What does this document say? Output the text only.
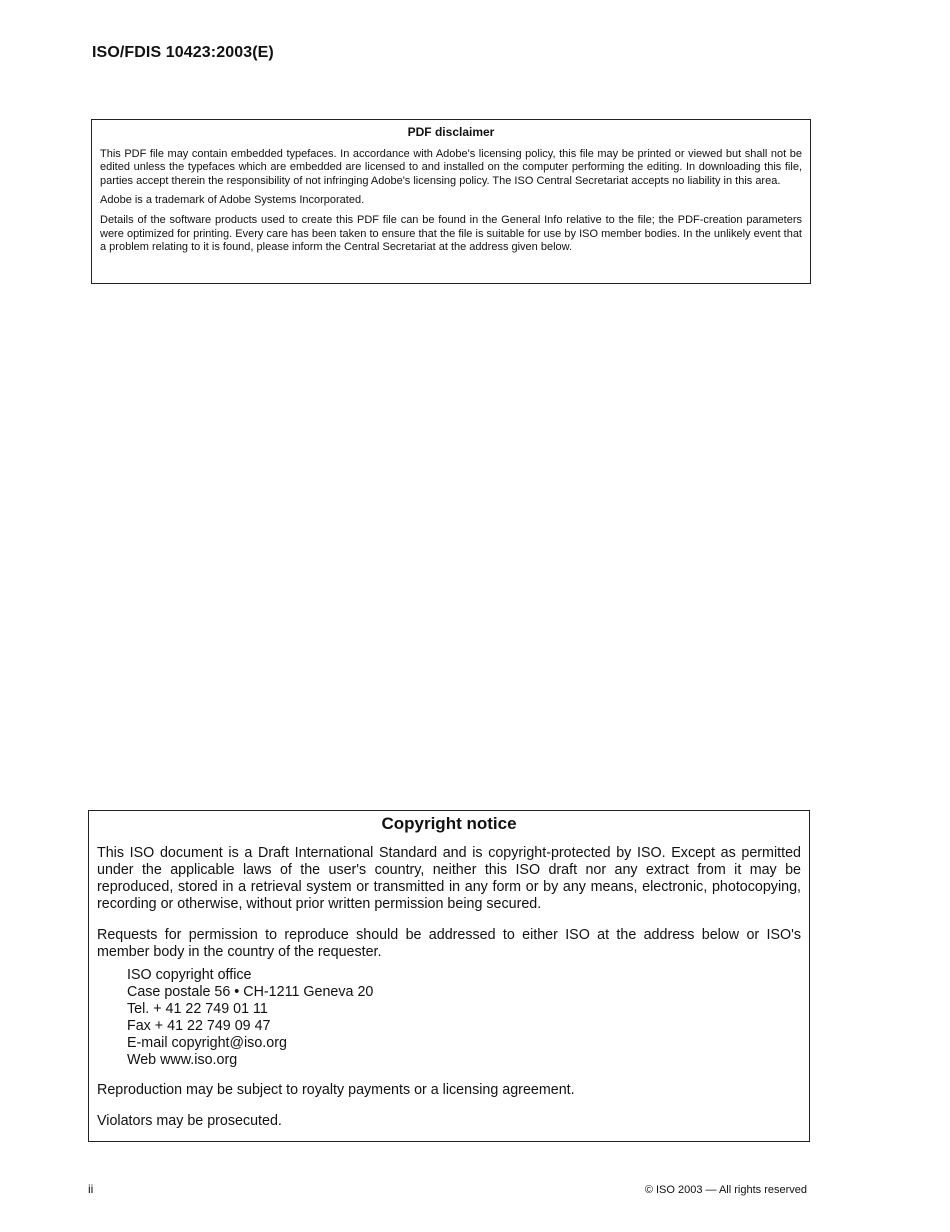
ISO/FDIS 10423:2003(E)
PDF disclaimer

This PDF file may contain embedded typefaces. In accordance with Adobe's licensing policy, this file may be printed or viewed but shall not be edited unless the typefaces which are embedded are licensed to and installed on the computer performing the editing. In downloading this file, parties accept therein the responsibility of not infringing Adobe's licensing policy. The ISO Central Secretariat accepts no liability in this area.

Adobe is a trademark of Adobe Systems Incorporated.

Details of the software products used to create this PDF file can be found in the General Info relative to the file; the PDF-creation parameters were optimized for printing. Every care has been taken to ensure that the file is suitable for use by ISO member bodies. In the unlikely event that a problem relating to it is found, please inform the Central Secretariat at the address given below.

Copyright notice

This ISO document is a Draft International Standard and is copyright-protected by ISO. Except as permitted under the applicable laws of the user's country, neither this ISO draft nor any extract from it may be reproduced, stored in a retrieval system or transmitted in any form or by any means, electronic, photocopying, recording or otherwise, without prior written permission being secured.

Requests for permission to reproduce should be addressed to either ISO at the address below or ISO's member body in the country of the requester.

ISO copyright office
Case postale 56 • CH-1211 Geneva 20
Tel. + 41 22 749 01 11
Fax + 41 22 749 09 47
E-mail copyright@iso.org
Web www.iso.org

Reproduction may be subject to royalty payments or a licensing agreement.

Violators may be prosecuted.

ii	© ISO 2003 — All rights reserved
